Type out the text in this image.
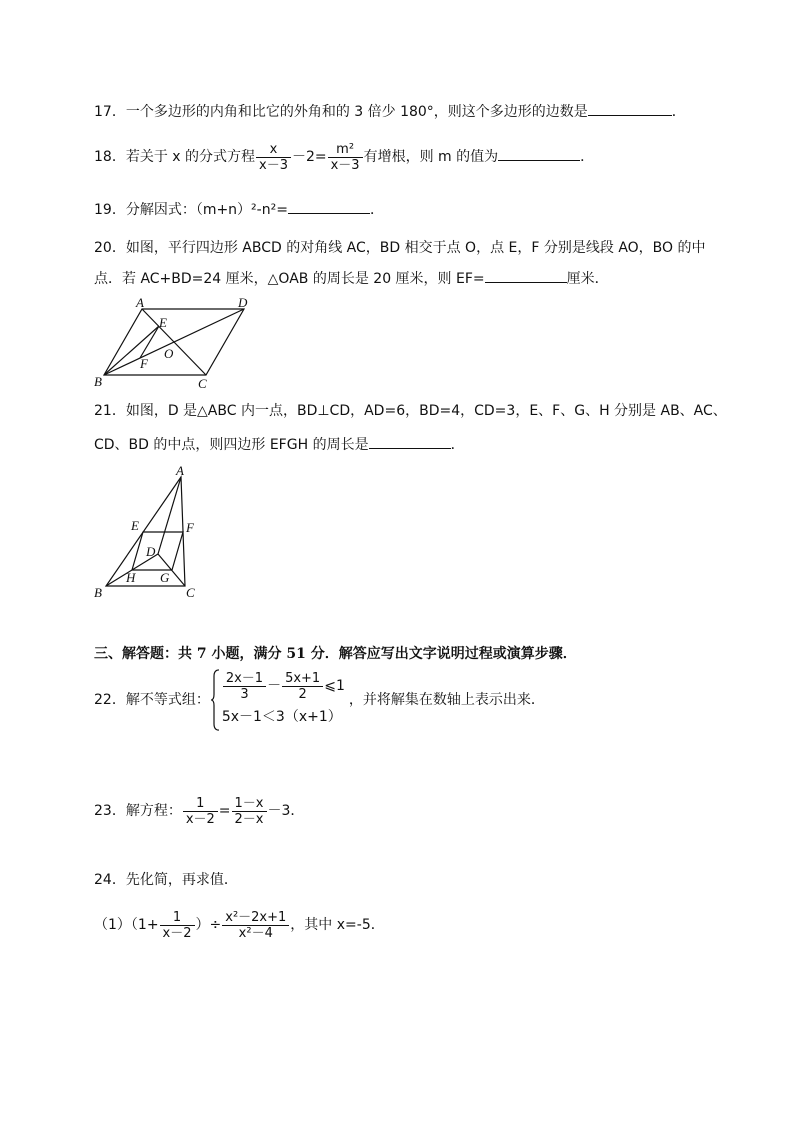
17．一个多边形的内角和比它的外角和的 3 倍少 180°，则这个多边形的边数是	．
18．若关于 x 的分式方程 $\frac{x}{x-3} -2= \frac{\text{m²}}{x-3}$ 有增根，则 m 的值为	．
19．分解因式：（m+n）²-n²=	．
20．如图，平行四边形 ABCD 的对角线 AC，BD 相交于点 O，点 E，F 分别是线段 AO，BO 的中
点．若 AC+BD=24 厘米，△OAB 的周长是 20 厘米，则 EF=	厘米．
A	D
E
O
F
B	C
21．如图，D 是△ABC 内一点，BD⊥CD，AD=6，BD=4，CD=3，E、F、G、H 分别是 AB、AC、
CD、BD 的中点，则四边形 EFGH 的周长是	．
A
E	F
D
B
H G
C
三、解答题：共 7 小题，满分 51 分．解答应写出文字说明过程或演算步骤．
22．解不等式组： $\frac{2x-1}{3} - \frac{5x+1}{2}$ ⩽1
5x－1＜3（x+1）
，并将解集在数轴上表示出来．
23．解方程： $\frac{1}{x-2} = \frac{1-x}{2-x} -3$．
24．先化简，再求值．
$(1)(1+ \frac{1}{x-2}$ ）÷ $\frac{\text{x²－2x+1}}{\text{x²－4}}$ ，其中 x=-5．
